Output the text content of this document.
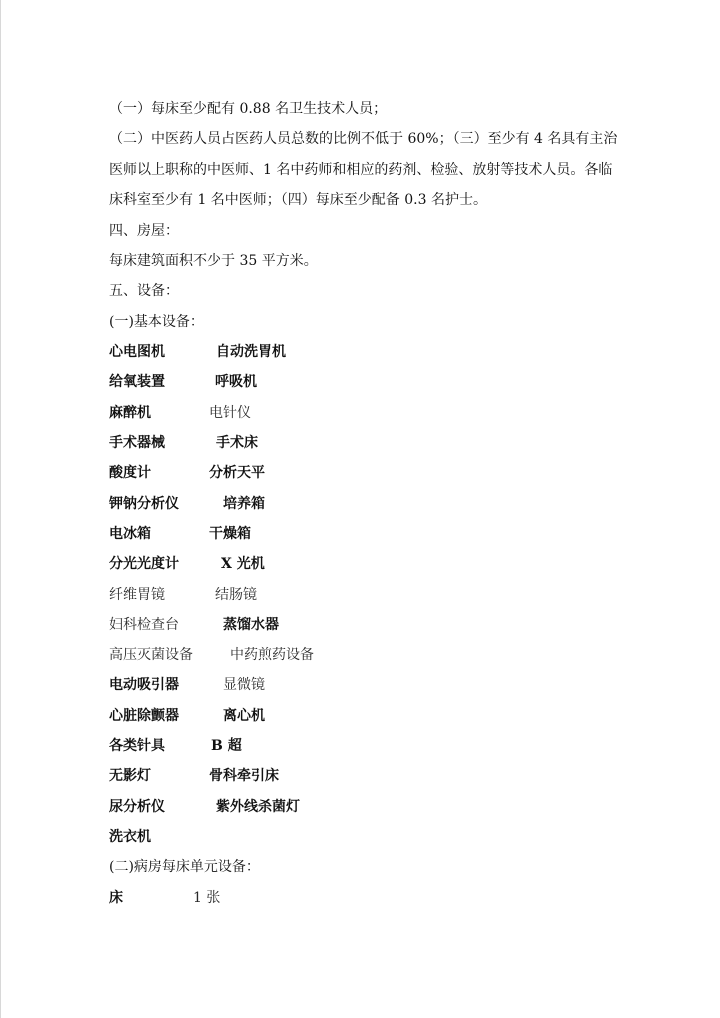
（一）每床至少配有 0.88 名卫生技术人员；
（二）中医药人员占医药人员总数的比例不低于 60%；（三）至少有 4 名具有主治
医师以上职称的中医师、1 名中药师和相应的药剂、检验、放射等技术人员。各临
床科室至少有 1 名中医师；（四）每床至少配备 0.3 名护士。
四、房屋：
每床建筑面积不少于 35 平方米。
五、设备：
(一)基本设备：
心电图机	自动洗胃机
给氧装置	呼吸机
麻醉机	电针仪
手术器械	手术床
酸度计	分析天平
钾钠分析仪	培养箱
电冰箱	干燥箱
分光光度计	X 光机
纤维胃镜	结肠镜
妇科检查台	蒸馏水器
高压灭菌设备	中药煎药设备
电动吸引器	显微镜
心脏除颤器	离心机
各类针具	B 超
无影灯	骨科牵引床
尿分析仪	紫外线杀菌灯
洗衣机
(二)病房每床单元设备：
床	1 张
